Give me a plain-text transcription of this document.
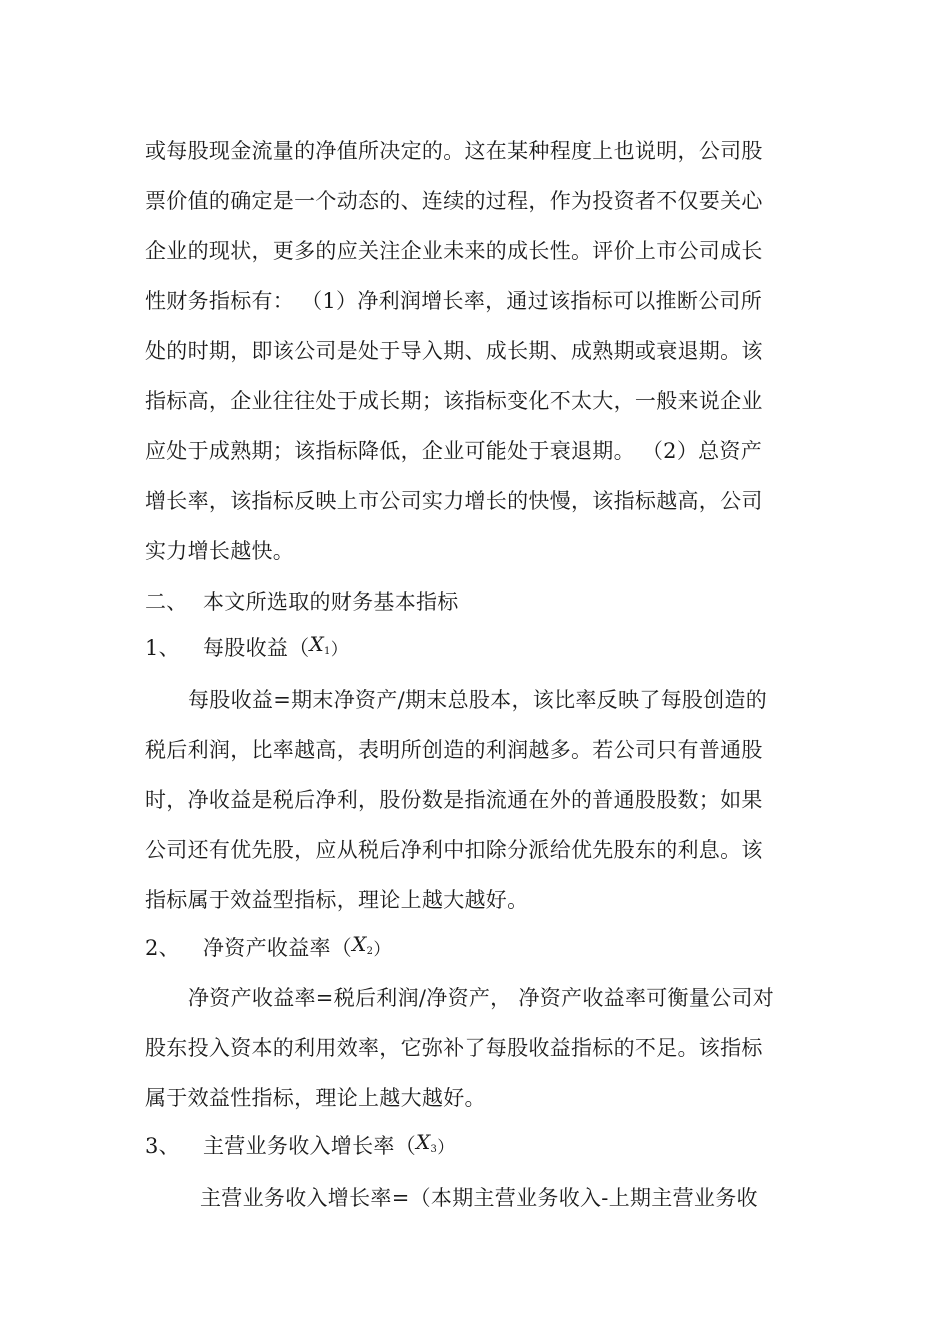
或每股现金流量的净值所决定的。这在某种程度上也说明，公司股
票价值的确定是一个动态的、连续的过程，作为投资者不仅要关心
企业的现状，更多的应关注企业未来的成长性。评价上市公司成长
性财务指标有： （1）净利润增长率，通过该指标可以推断公司所
处的时期，即该公司是处于导入期、成长期、成熟期或衰退期。该
指标高，企业往往处于成长期；该指标变化不太大，一般来说企业
应处于成熟期；该指标降低，企业可能处于衰退期。 （2）总资产
增长率，该指标反映上市公司实力增长的快慢，该指标越高，公司
实力增长越快。
二、 本文所选取的财务基本指标
1、 每股收益$(X_1)$
每股收益=期末净资产/期末总股本，该比率反映了每股创造的
税后利润，比率越高，表明所创造的利润越多。若公司只有普通股
时，净收益是税后净利，股份数是指流通在外的普通股股数；如果
公司还有优先股，应从税后净利中扣除分派给优先股东的利息。该
指标属于效益型指标，理论上越大越好。
2、 净资产收益率$(X_2)$
净资产收益率=税后利润/净资产， 净资产收益率可衡量公司对
股东投入资本的利用效率，它弥补了每股收益指标的不足。该指标
属于效益性指标，理论上越大越好。
3、 主营业务收入增长率$(X_3)$
主营业务收入增长率=（本期主营业务收入-上期主营业务收
